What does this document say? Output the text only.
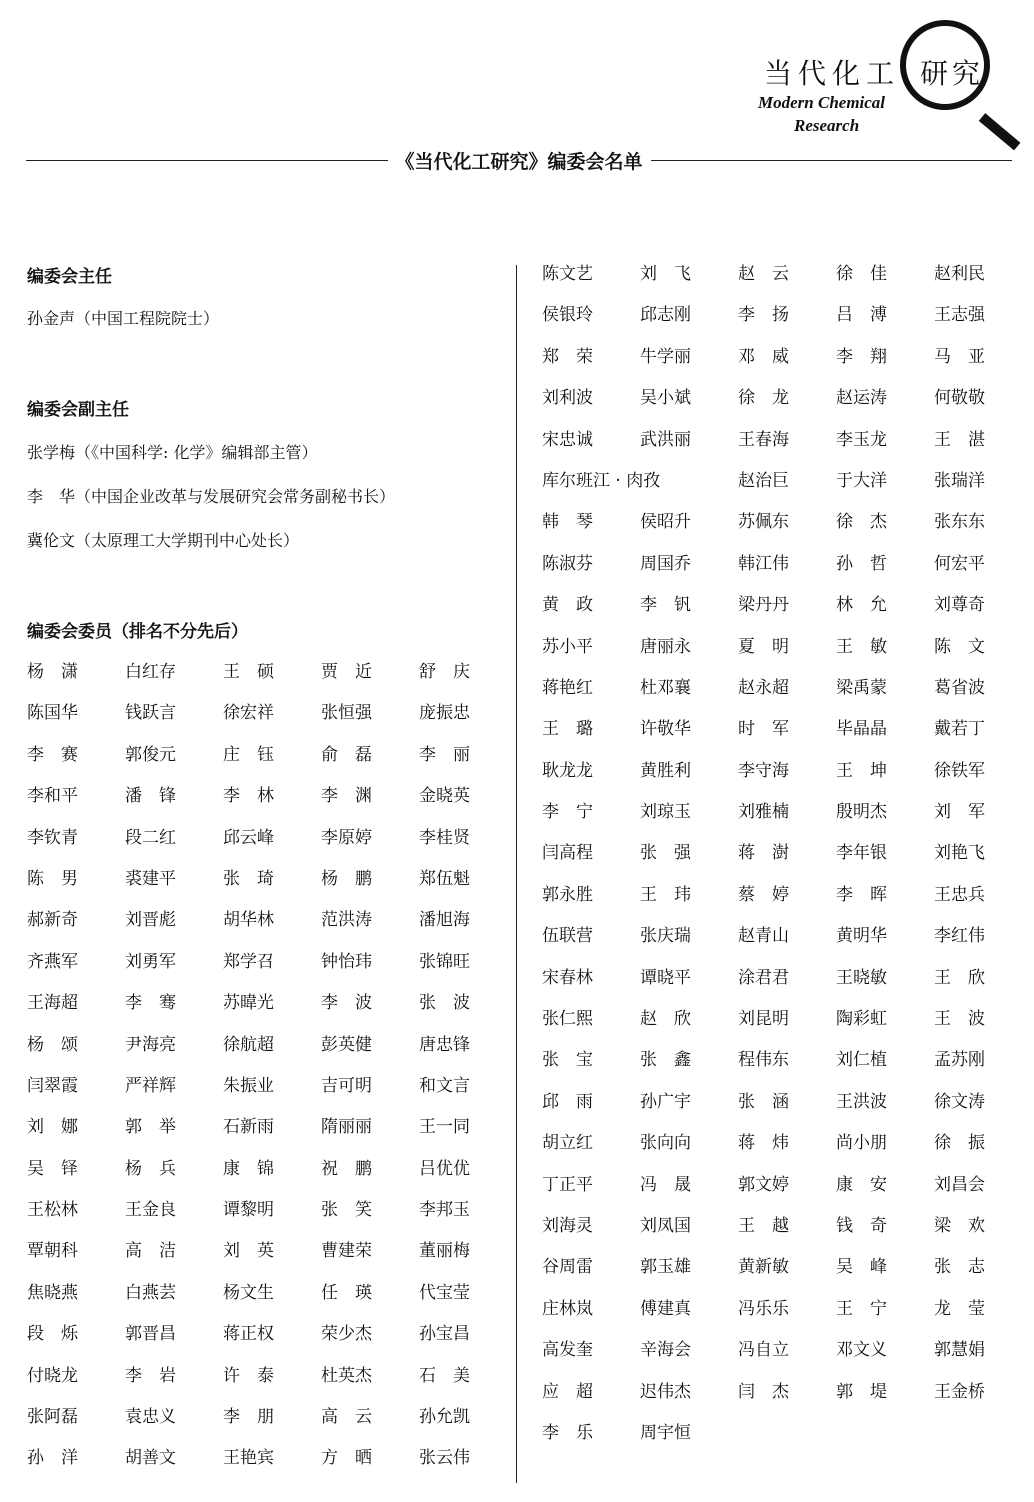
当代化工 研究
Modern Chemical
Research
《当代化工研究》编委会名单
编委会主任
孙金声（中国工程院院士）
编委会副主任
张学梅（《中国科学: 化学》编辑部主管）
李　华（中国企业改革与发展研究会常务副秘书长）
冀伦文（太原理工大学期刊中心处长）
编委会委员（排名不分先后）
杨潇	白红存	王硕	贾近	舒庆
陈国华	钱跃言	徐宏祥	张恒强	庞振忠
李赛	郭俊元	庄钰	俞磊	李丽
李和平	潘锋	李林	李渊	金晓英
李钦青	段二红	邱云峰	李原婷	李桂贤
陈男	裘建平	张琦	杨鹏	郑伍魁
郝新奇	刘晋彪	胡华林	范洪涛	潘旭海
齐燕军	刘勇军	郑学召	钟怡玮	张锦旺
王海超	李骞	苏暐光	李波	张波
杨颂	尹海亮	徐航超	彭英健	唐忠锋
闫翠霞	严祥辉	朱振业	吉可明	和文言
刘娜	郭举	石新雨	隋丽丽	王一同
吴铎	杨兵	康锦	祝鹏	吕优优
王松林	王金良	谭黎明	张笑	李邦玉
覃朝科	高洁	刘英	曹建荣	董丽梅
焦晓燕	白燕芸	杨文生	任瑛	代宝莹
段烁	郭晋昌	蒋正权	荣少杰	孙宝昌
付晓龙	李岩	许泰	杜英杰	石美
张阿磊	袁忠义	李朋	高云	孙允凯
孙洋	胡善文	王艳宾	方晒	张云伟
陈文艺	刘飞	赵云	徐佳	赵利民
侯银玲	邱志刚	李扬	吕溥	王志强
郑荣	牛学丽	邓威	李翔	马亚
刘利波	吴小斌	徐龙	赵运涛	何敬敬
宋忠诚	武洪丽	王春海	李玉龙	王湛
库尔班江 · 肉孜	赵治巨	于大洋	张瑞洋
韩琴	侯昭升	苏佩东	徐杰	张东东
陈淑芬	周国乔	韩江伟	孙哲	何宏平
黄政	李钒	梁丹丹	林允	刘尊奇
苏小平	唐丽永	夏明	王敏	陈文
蒋艳红	杜邓襄	赵永超	梁禹蒙	葛省波
王璐	许敬华	时军	毕晶晶	戴若丁
耿龙龙	黄胜利	李守海	王坤	徐铁军
李宁	刘琼玉	刘雅楠	殷明杰	刘军
闫高程	张强	蒋澍	李年银	刘艳飞
郭永胜	王玮	蔡婷	李晖	王忠兵
伍联营	张庆瑞	赵青山	黄明华	李红伟
宋春林	谭晓平	涂君君	王晓敏	王欣
张仁熙	赵欣	刘昆明	陶彩虹	王波
张宝	张鑫	程伟东	刘仁植	孟苏刚
邱雨	孙广宇	张涵	王洪波	徐文涛
胡立红	张向向	蒋炜	尚小朋	徐振
丁正平	冯晟	郭文婷	康安	刘昌会
刘海灵	刘凤国	王越	钱奇	梁欢
谷周雷	郭玉雄	黄新敏	吴峰	张志
庄林岚	傅建真	冯乐乐	王宁	龙莹
高发奎	辛海会	冯自立	邓文义	郭慧娟
应超	迟伟杰	闫杰	郭堤	王金桥
李乐	周宇恒
